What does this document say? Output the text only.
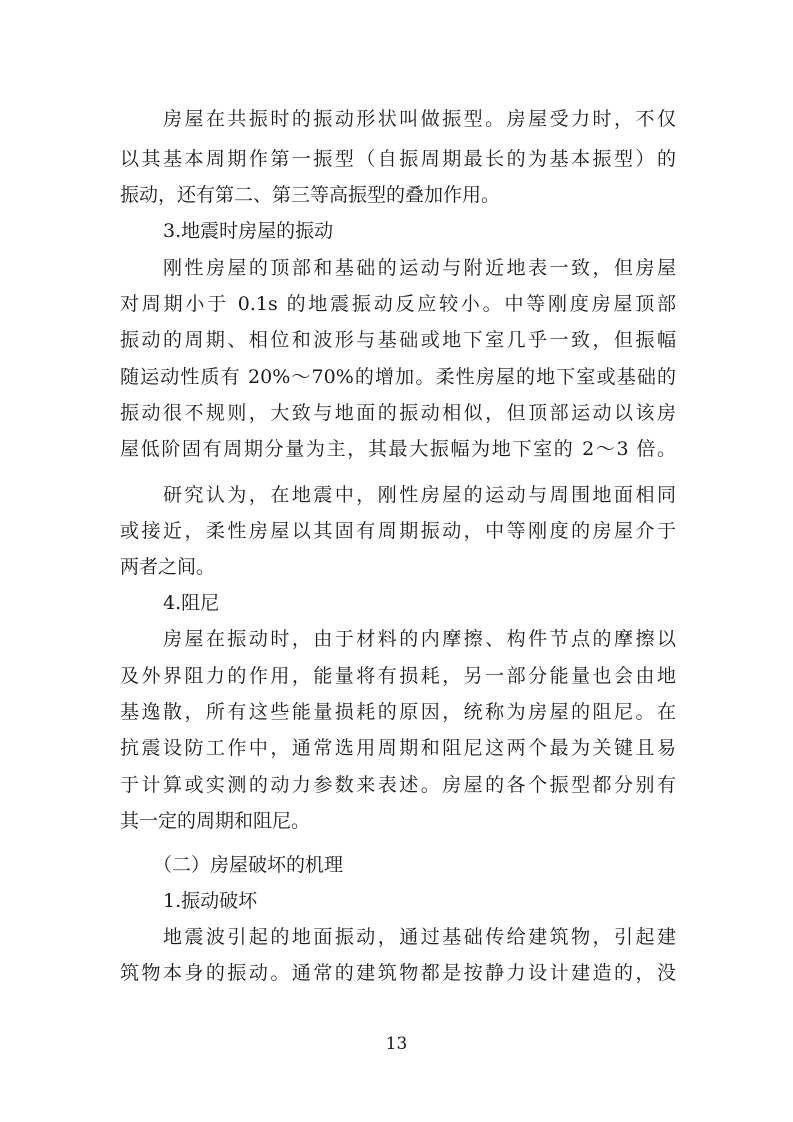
房屋在共振时的振动形状叫做振型。房屋受力时，不仅
以其基本周期作第一振型（自振周期最长的为基本振型）的
振动，还有第二、第三等高振型的叠加作用。
3.地震时房屋的振动
刚性房屋的顶部和基础的运动与附近地表一致，但房屋
对周期小于 0.1s 的地震振动反应较小。中等刚度房屋顶部
振动的周期、相位和波形与基础或地下室几乎一致，但振幅
随运动性质有 20%～70%的增加。柔性房屋的地下室或基础的
振动很不规则，大致与地面的振动相似，但顶部运动以该房
屋低阶固有周期分量为主，其最大振幅为地下室的 2～3 倍。
研究认为，在地震中，刚性房屋的运动与周围地面相同
或接近，柔性房屋以其固有周期振动，中等刚度的房屋介于
两者之间。
4.阻尼
房屋在振动时，由于材料的内摩擦、构件节点的摩擦以
及外界阻力的作用，能量将有损耗，另一部分能量也会由地
基逸散，所有这些能量损耗的原因，统称为房屋的阻尼。在
抗震设防工作中，通常选用周期和阻尼这两个最为关键且易
于计算或实测的动力参数来表述。房屋的各个振型都分别有
其一定的周期和阻尼。
（二）房屋破坏的机理
1.振动破坏
地震波引起的地面振动，通过基础传给建筑物，引起建
筑物本身的振动。通常的建筑物都是按静力设计建造的，没
13
